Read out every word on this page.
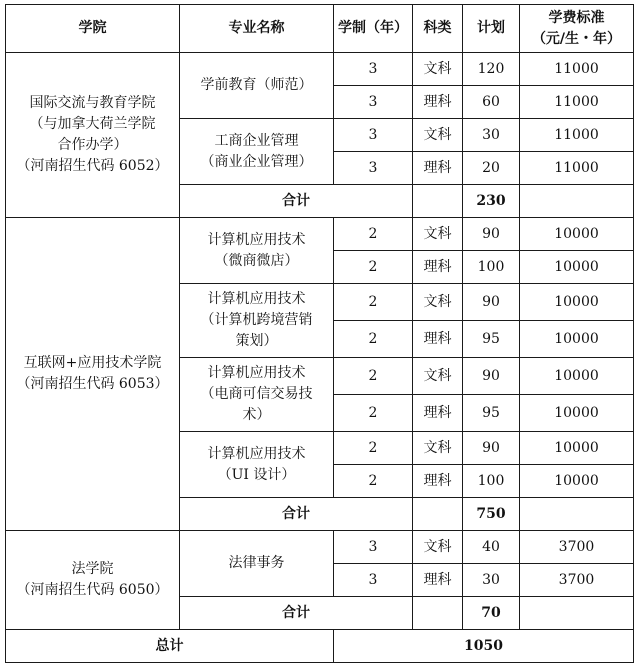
学院	专业名称	学制（年）	科类	计划	学费标准
（元/生・年）
国际交流与教育学院
（与加拿大荷兰学院
合作办学）
（河南招生代码 6052）	学前教育（师范）	3	文科	120	11000
		3	理科	60	11000
	工商企业管理
（商业企业管理）	3	文科	30	11000
		3	理科	20	11000
	合计			230	
互联网+应用技术学院
（河南招生代码 6053）	计算机应用技术
（微商微店）	2	文科	90	10000
		2	理科	100	10000
	计算机应用技术
（计算机跨境营销
策划）	2	文科	90	10000
		2	理科	95	10000
	计算机应用技术
（电商可信交易技
术）	2	文科	90	10000
		2	理科	95	10000
	计算机应用技术
（UI 设计）	2	文科	90	10000
		2	理科	100	10000
	合计			750	
法学院
（河南招生代码 6050）	法律事务	3	文科	40	3700
		3	理科	30	3700
	合计			70	
总计		1050			
